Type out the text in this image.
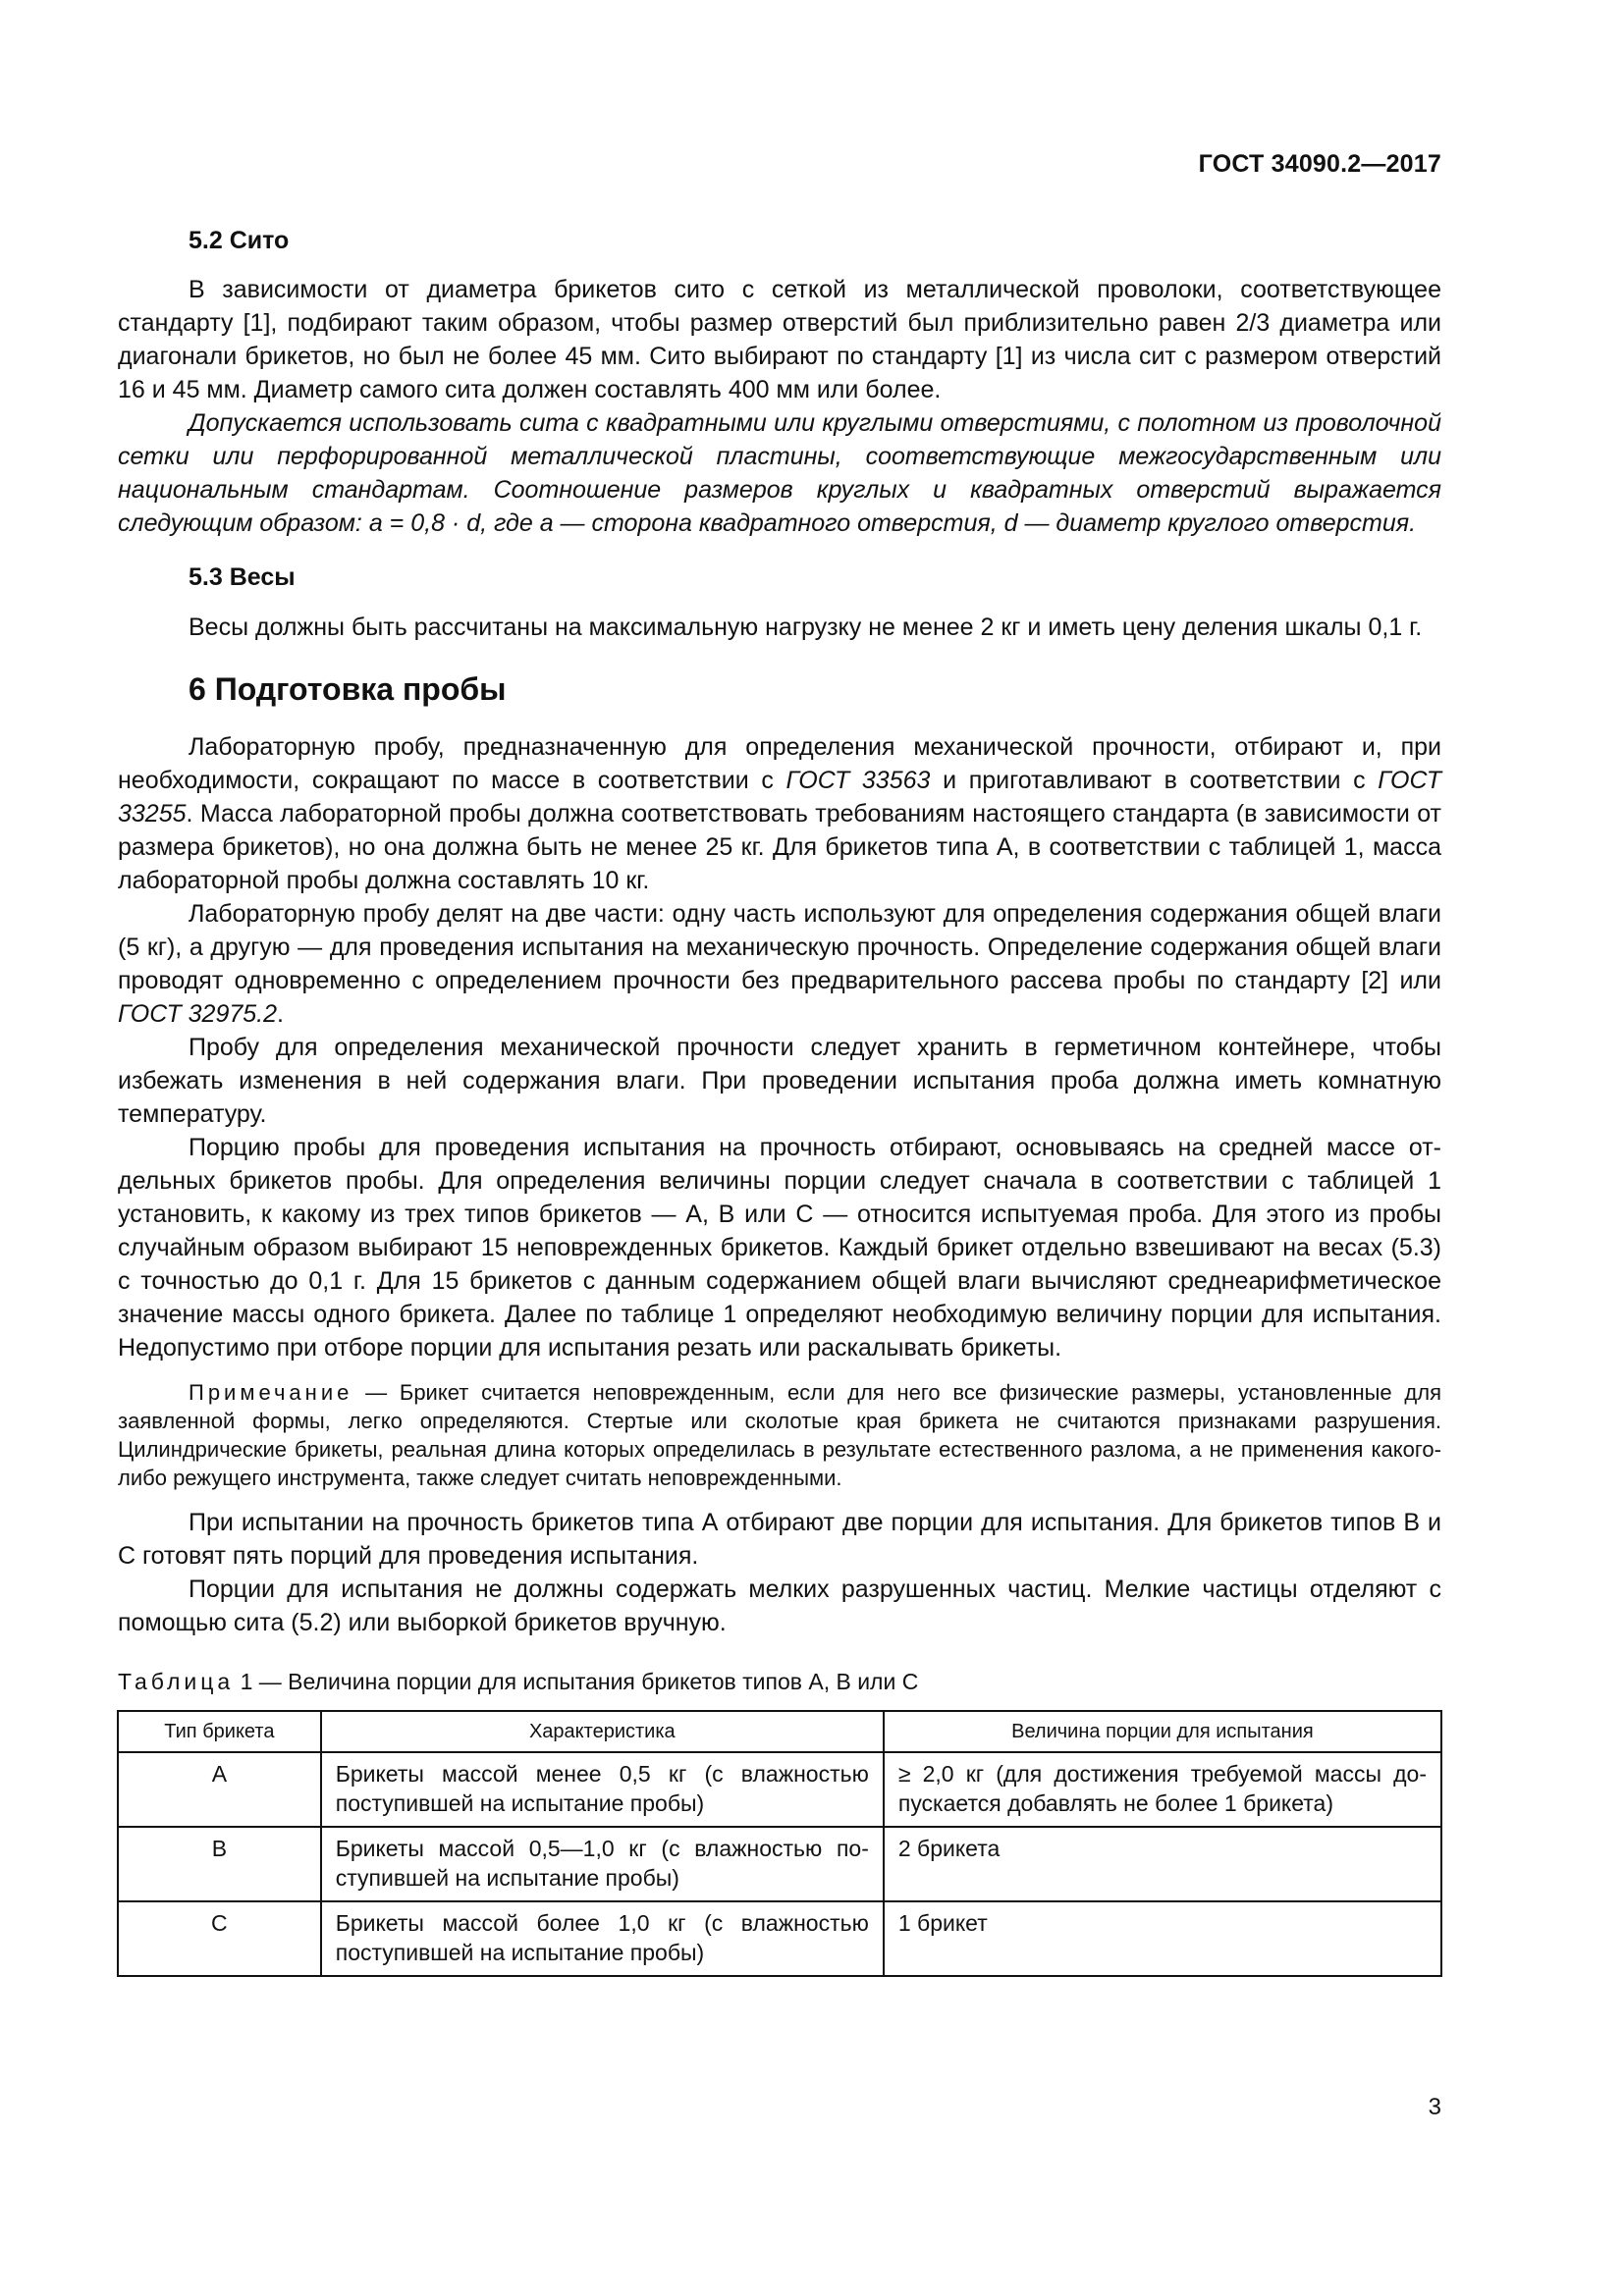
ГОСТ 34090.2—2017
5.2 Сито

В зависимости от диаметра брикетов сито с сеткой из металлической проволоки, соответствующее стандарту [1], подбирают таким образом, чтобы размер отверстий был приблизительно равен 2/3 диаметра или диагонали брикетов, но был не более 45 мм. Сито выбирают по стандарту [1] из числа сит с размером отверстий 16 и 45 мм. Диаметр самого сита должен составлять 400 мм или более.

Допускается использовать сита с квадратными или круглыми отверстиями, с полотном из проволочной сетки или перфорированной металлической пластины, соответствующие межгосударственным или национальным стандартам. Соотношение размеров круглых и квадратных отверстий выражается следующим образом: a = 0,8 · d, где a — сторона квадратного отверстия, d — диаметр круглого отверстия.

5.3 Весы

Весы должны быть рассчитаны на максимальную нагрузку не менее 2 кг и иметь цену деления шкалы 0,1 г.

6 Подготовка пробы

Лабораторную пробу, предназначенную для определения механической прочности, отбирают и, при необходимости, сокращают по массе в соответствии с ГОСТ 33563 и приготавливают в соответствии с ГОСТ 33255. Масса лабораторной пробы должна соответствовать требованиям настоящего стандарта (в зависимости от размера брикетов), но она должна быть не менее 25 кг. Для брикетов типа А, в соответствии с таблицей 1, масса лабораторной пробы должна составлять 10 кг.

Лабораторную пробу делят на две части: одну часть используют для определения содержания общей влаги (5 кг), а другую — для проведения испытания на механическую прочность. Определение содержания общей влаги проводят одновременно с определением прочности без предварительного рассева пробы по стандарту [2] или ГОСТ 32975.2.

Пробу для определения механической прочности следует хранить в герметичном контейнере, чтобы избежать изменения в ней содержания влаги. При проведении испытания проба должна иметь комнатную температуру.

Порцию пробы для проведения испытания на прочность отбирают, основываясь на средней массе отдельных брикетов пробы. Для определения величины порции следует сначала в соответствии с таблицей 1 установить, к какому из трех типов брикетов — A, B или C — относится испытуемая проба. Для этого из пробы случайным образом выбирают 15 неповрежденных брикетов. Каждый брикет отдельно взвешивают на весах (5.3) с точностью до 0,1 г. Для 15 брикетов с данным содержанием общей влаги вычисляют среднеарифметическое значение массы одного брикета. Далее по таблице 1 определяют необходимую величину порции для испытания. Недопустимо при отборе порции для испытания резать или раскалывать брикеты.

Примечание — Брикет считается неповрежденным, если для него все физические размеры, установленные для заявленной формы, легко определяются. Стертые или сколотые края брикета не считаются признаками разрушения. Цилиндрические брикеты, реальная длина которых определилась в результате естественного разлома, а не применения какого-либо режущего инструмента, также следует считать неповрежденными.

При испытании на прочность брикетов типа А отбирают две порции для испытания. Для брикетов типов В и С готовят пять порций для проведения испытания.

Порции для испытания не должны содержать мелких разрушенных частиц. Мелкие частицы отделяют с помощью сита (5.2) или выборкой брикетов вручную.

Таблица 1 — Величина порции для испытания брикетов типов А, В или С
Тип брикета	Характеристика	Величина порции для испытания
А	Брикеты массой менее 0,5 кг (с влажностью поступившей на испытание пробы)	≥ 2,0 кг (для достижения требуемой массы допускается добавлять не более 1 брикета)
В	Брикеты массой 0,5—1,0 кг (с влажностью поступившей на испытание пробы)	2 брикета
С	Брикеты массой более 1,0 кг (с влажностью поступившей на испытание пробы)	1 брикет
3
